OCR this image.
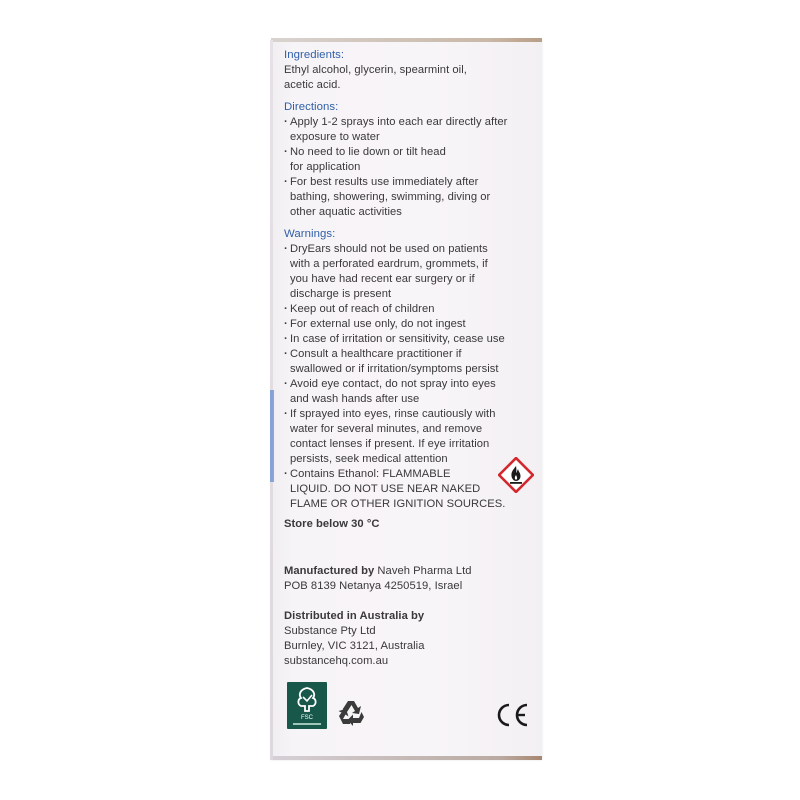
Ingredients:

Ethyl alcohol, glycerin, spearmint oil,

acetic acid.

Directions:

· Apply 1-2 sprays into each ear directly after
exposure to water
· No need to lie down or tilt head
for application
· For best results use immediately after
bathing, showering, swimming, diving or
other aquatic activities

Warnings:

· DryEars should not be used on patients
with a perforated eardrum, grommets, if
you have had recent ear surgery or if
discharge is present
· Keep out of reach of children
· For external use only, do not ingest
· In case of irritation or sensitivity, cease use
· Consult a healthcare practitioner if
swallowed or if irritation/symptoms persist
· Avoid eye contact, do not spray into eyes
and wash hands after use
· If sprayed into eyes, rinse cautiously with
water for several minutes, and remove
contact lenses if present. If eye irritation
persists, seek medical attention
· Contains Ethanol: FLAMMABLE
LIQUID. DO NOT USE NEAR NAKED
FLAME OR OTHER IGNITION SOURCES.

Store below 30 °C

Manufactured by Naveh Pharma Ltd

POB 8139 Netanya 4250519, Israel

Distributed in Australia by

Substance Pty Ltd

Burnley, VIC 3121, Australia

substancehq.com.au

FSC
